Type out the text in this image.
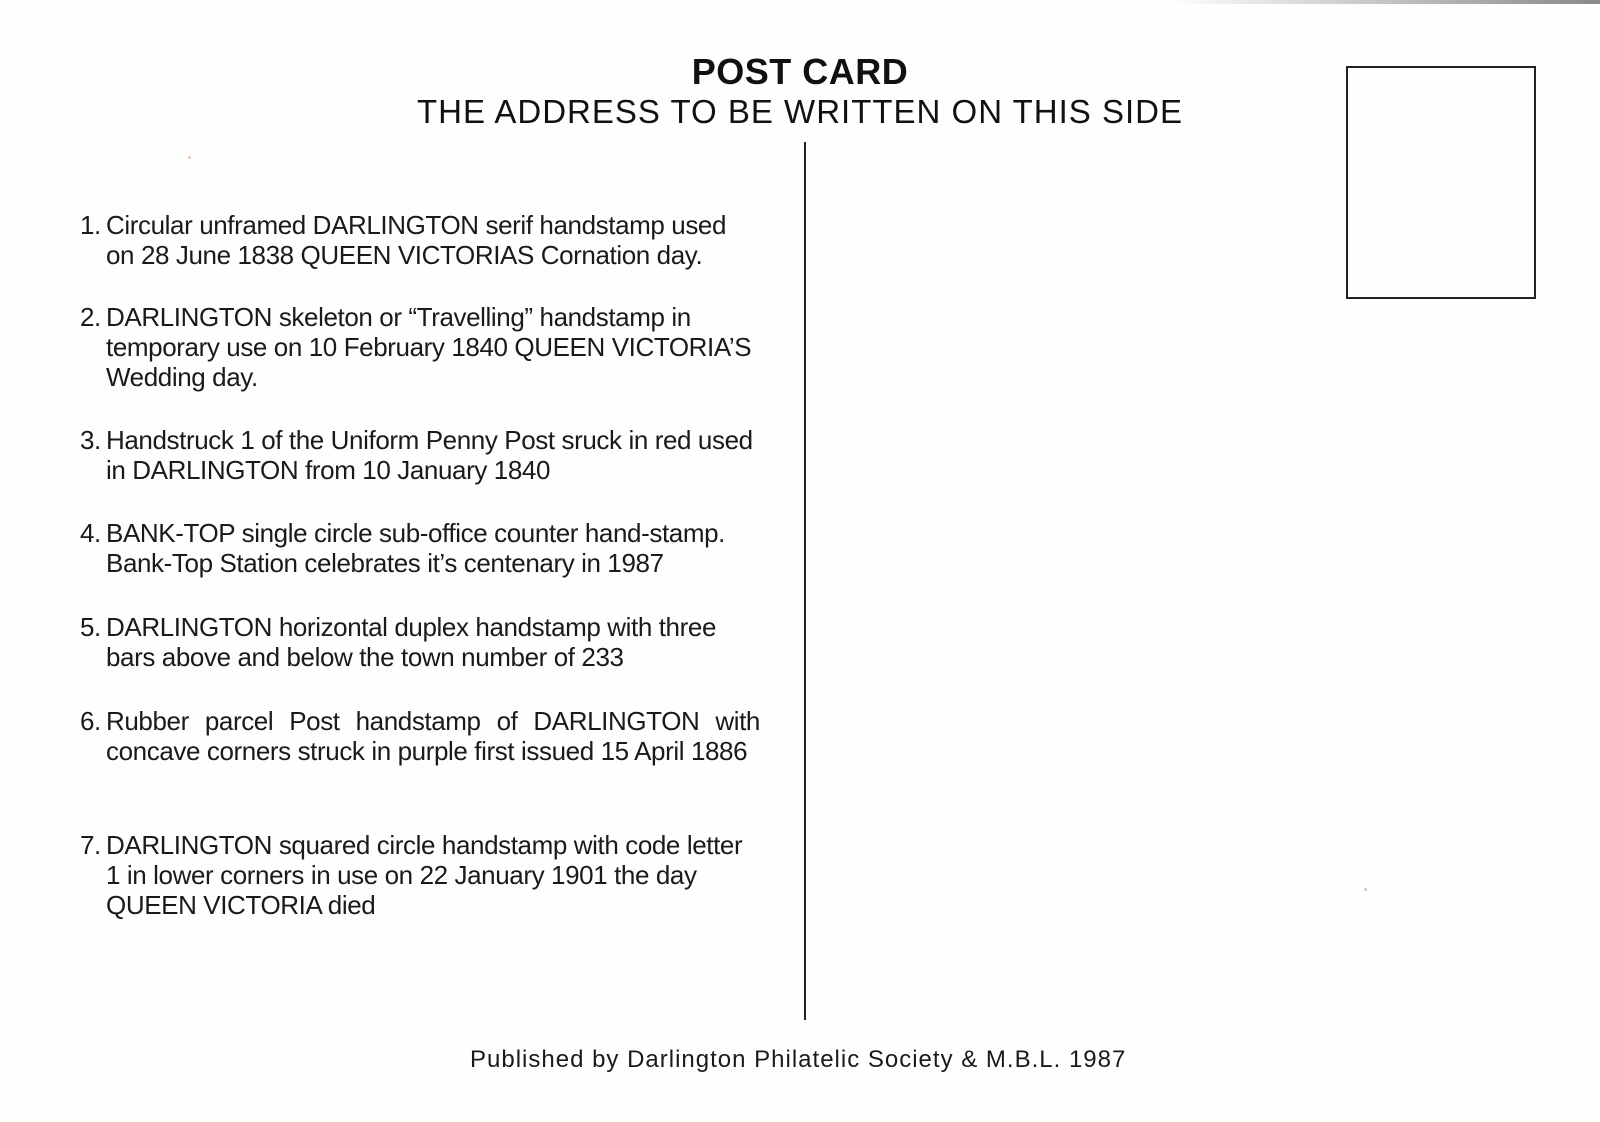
POST CARD
THE ADDRESS TO BE WRITTEN ON THIS SIDE
1. Circular unframed DARLINGTON serif handstamp used on 28 June 1838 QUEEN VICTORIAS Cornation day.
2. DARLINGTON skeleton or “Travelling” handstamp in temporary use on 10 February 1840 QUEEN VICTORIA’S Wedding day.
3. Handstruck 1 of the Uniform Penny Post sruck in red used in DARLINGTON from 10 January 1840
4. BANK-TOP single circle sub-office counter hand-stamp. Bank-Top Station celebrates it’s centenary in 1987
5. DARLINGTON horizontal duplex handstamp with three bars above and below the town number of 233
6. Rubber parcel Post handstamp of DARLINGTON with concave corners struck in purple first issued 15 April 1886
7. DARLINGTON squared circle handstamp with code letter 1 in lower corners in use on 22 January 1901 the day QUEEN VICTORIA died
Published by Darlington Philatelic Society & M.B.L. 1987
